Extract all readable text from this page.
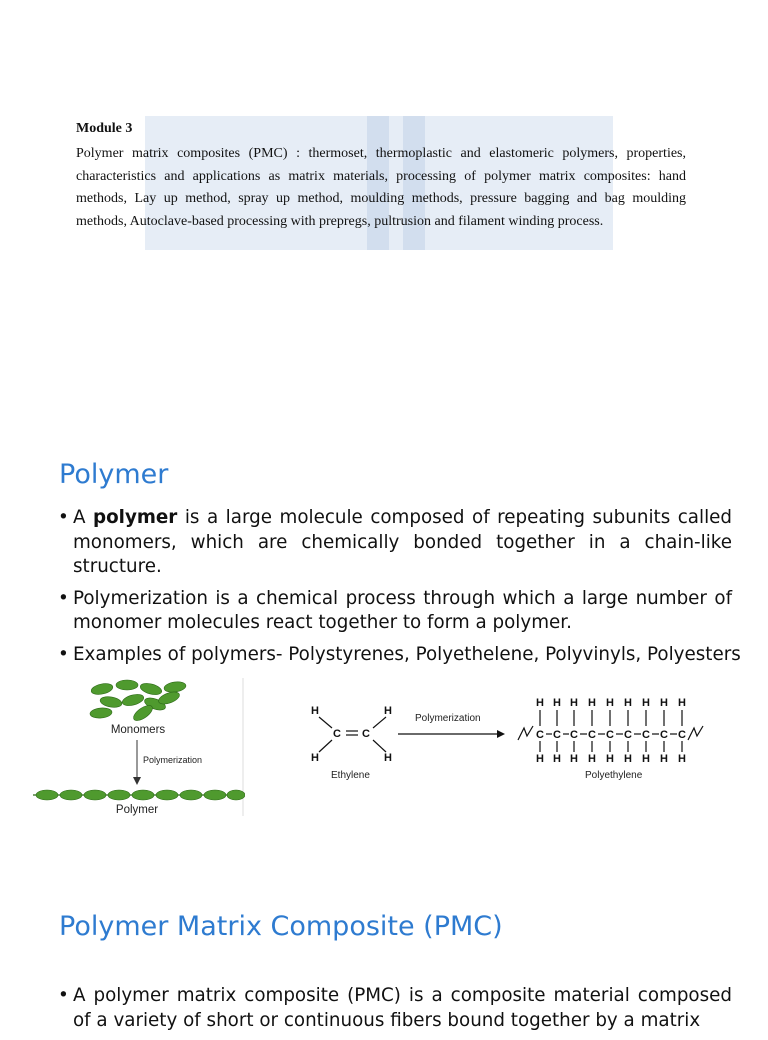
Module 3
Polymer matrix composites (PMC) : thermoset, thermoplastic and elastomeric polymers, properties, characteristics and applications as matrix materials, processing of polymer matrix composites: hand methods, Lay up method, spray up method, moulding methods, pressure bagging and bag moulding methods, Autoclave-based processing with prepregs, pultrusion and filament winding process.
Polymer
• A polymer is a large molecule composed of repeating subunits called monomers, which are chemically bonded together in a chain-like structure.
• Polymerization is a chemical process through which a large number of monomer molecules react together to form a polymer.
• Examples of polymers- Polystyrenes, Polyethelene, Polyvinyls, Polyesters
Monomers
Polymerization
Polymer
H	H
H	H
C C
Ethylene
Polymerization
H
H
C
H
H
C
H
H
C
H
H
C
H
H
C
H
H
C
H
H
C
H
H
C
H
H
C
Polyethylene
Polymer Matrix Composite (PMC)
• A polymer matrix composite (PMC) is a composite material composed of a variety of short or continuous fibers bound together by a matrix
